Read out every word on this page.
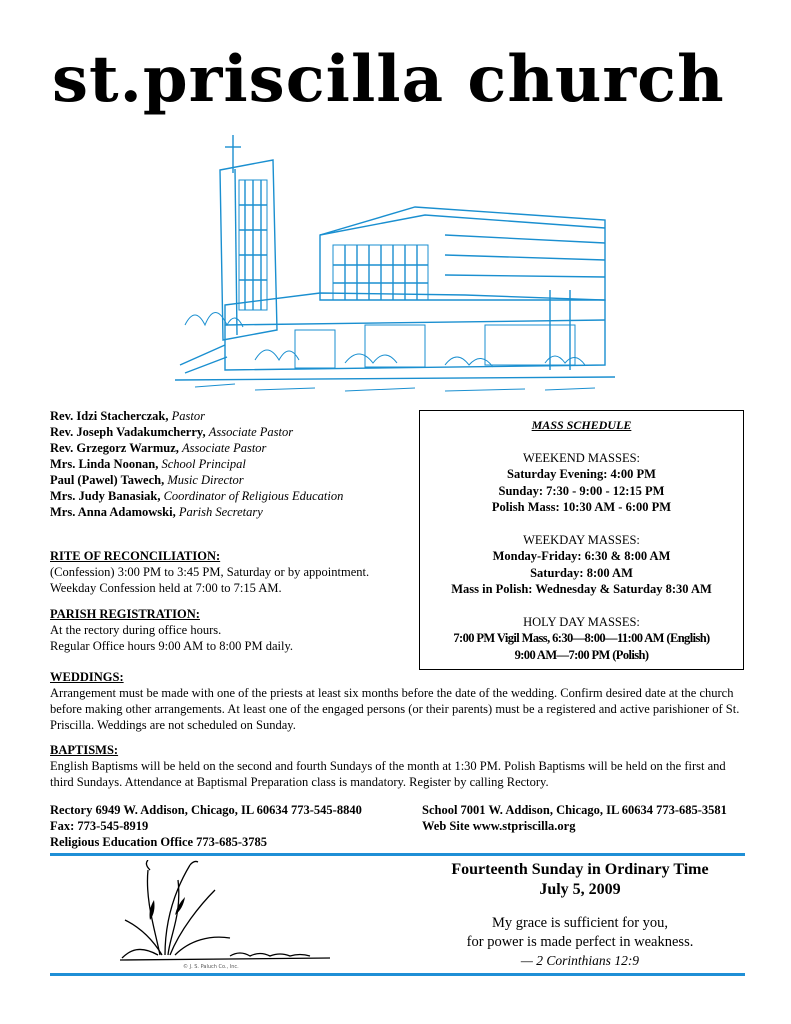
st.priscilla church
Rev. Idzi Stacherczak, Pastor
Rev. Joseph Vadakumcherry, Associate Pastor
Rev. Grzegorz Warmuz, Associate Pastor
Mrs. Linda Noonan, School Principal
Paul (Pawel) Tawech, Music Director
Mrs. Judy Banasiak, Coordinator of Religious Education
Mrs. Anna Adamowski, Parish Secretary
MASS SCHEDULE
WEEKEND MASSES:
Saturday Evening: 4:00 PM
Sunday: 7:30 - 9:00 - 12:15 PM
Polish Mass: 10:30 AM - 6:00 PM
WEEKDAY MASSES:
Monday-Friday: 6:30 & 8:00 AM
Saturday: 8:00 AM
Mass in Polish: Wednesday & Saturday 8:30 AM
HOLY DAY MASSES:
7:00 PM Vigil Mass, 6:30—8:00—11:00 AM (English)
9:00 AM—7:00 PM (Polish)
RITE OF RECONCILIATION:
(Confession) 3:00 PM to 3:45 PM, Saturday or by appointment.
Weekday Confession held at 7:00 to 7:15 AM.
PARISH REGISTRATION:
At the rectory during office hours.
Regular Office hours 9:00 AM to 8:00 PM daily.
WEDDINGS:
Arrangement must be made with one of the priests at least six months before the date of the wedding. Confirm desired date at the church before making other arrangements. At least one of the engaged persons (or their parents) must be a registered and active parishioner of St. Priscilla. Weddings are not scheduled on Sunday.
BAPTISMS:
English Baptisms will be held on the second and fourth Sundays of the month at 1:30 PM. Polish Baptisms will be held on the first and third Sundays. Attendance at Baptismal Preparation class is mandatory. Register by calling Rectory.
Rectory 6949 W. Addison, Chicago, IL 60634 773-545-8840
Fax: 773-545-8919
Religious Education Office 773-685-3785
School 7001 W. Addison, Chicago, IL 60634 773-685-3581
Web Site www.stpriscilla.org
© J. S. Paluch Co., Inc.
Fourteenth Sunday in Ordinary Time
July 5, 2009
My grace is sufficient for you,
for power is made perfect in weakness.
— 2 Corinthians 12:9
